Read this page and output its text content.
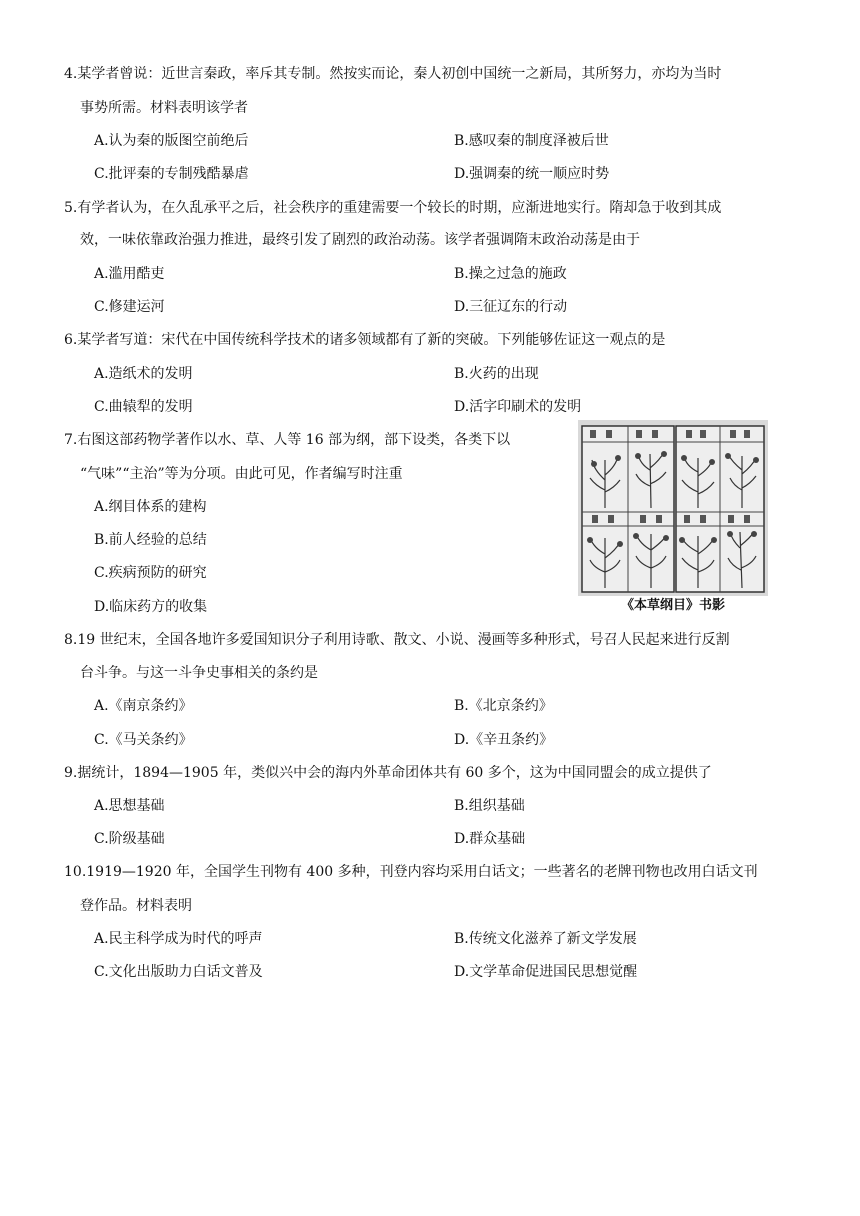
4.某学者曾说：近世言秦政，率斥其专制。然按实而论，秦人初创中国统一之新局，其所努力，亦均为当时
事势所需。材料表明该学者
A.认为秦的版图空前绝后	B.感叹秦的制度泽被后世
C.批评秦的专制残酷暴虐	D.强调秦的统一顺应时势
5.有学者认为，在久乱承平之后，社会秩序的重建需要一个较长的时期，应渐进地实行。隋却急于收到其成
效，一味依靠政治强力推进，最终引发了剧烈的政治动荡。该学者强调隋末政治动荡是由于
A.滥用酷吏	B.操之过急的施政
C.修建运河	D.三征辽东的行动
6.某学者写道：宋代在中国传统科学技术的诸多领域都有了新的突破。下列能够佐证这一观点的是
A.造纸术的发明	B.火药的出现
C.曲辕犁的发明	D.活字印刷术的发明
7.右图这部药物学著作以水、草、人等 16 部为纲，部下设类，各类下以
“气味”“主治”等为分项。由此可见，作者编写时注重
A.纲目体系的建构
B.前人经验的总结
C.疾病预防的研究
D.临床药方的收集	《本草纲目》书影
8.19 世纪末，全国各地许多爱国知识分子利用诗歌、散文、小说、漫画等多种形式，号召人民起来进行反割
台斗争。与这一斗争史事相关的条约是
A.《南京条约》	B.《北京条约》
C.《马关条约》	D.《辛丑条约》
9.据统计，1894—1905 年，类似兴中会的海内外革命团体共有 60 多个，这为中国同盟会的成立提供了
A.思想基础	B.组织基础
C.阶级基础	D.群众基础
10.1919—1920 年，全国学生刊物有 400 多种，刊登内容均采用白话文；一些著名的老牌刊物也改用白话文刊
登作品。材料表明
A.民主科学成为时代的呼声	B.传统文化滋养了新文学发展
C.文化出版助力白话文普及	D.文学革命促进国民思想觉醒
